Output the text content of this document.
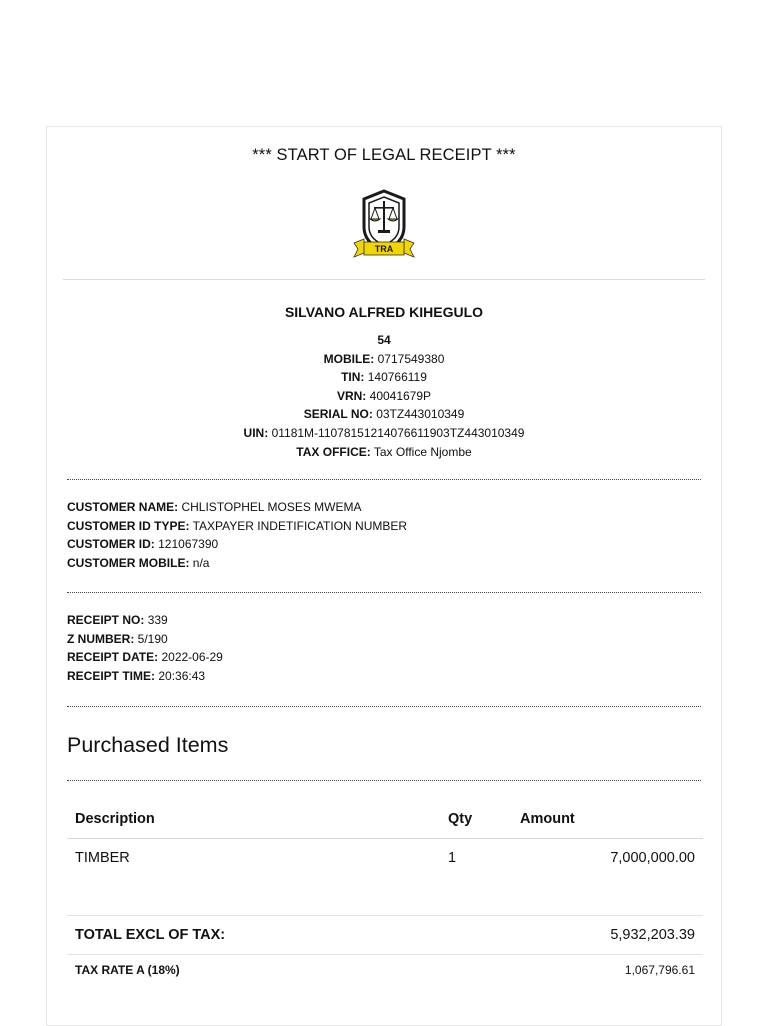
*** START OF LEGAL RECEIPT ***
TRA
SILVANO ALFRED KIHEGULO
54
MOBILE: 0717549380
TIN: 140766119
VRN: 40041679P
SERIAL NO: 03TZ443010349
UIN: 01181M-11078151214076611903TZ443010349
TAX OFFICE: Tax Office Njombe
CUSTOMER NAME: CHLISTOPHEL MOSES MWEMA
CUSTOMER ID TYPE: TAXPAYER INDETIFICATION NUMBER
CUSTOMER ID: 121067390
CUSTOMER MOBILE: n/a
RECEIPT NO: 339
Z NUMBER: 5/190
RECEIPT DATE: 2022-06-29
RECEIPT TIME: 20:36:43
Purchased Items
Description	Qty	Amount
TIMBER	1	7,000,000.00

TOTAL EXCL OF TAX:		5,932,203.39
TAX RATE A (18%)		1,067,796.61
